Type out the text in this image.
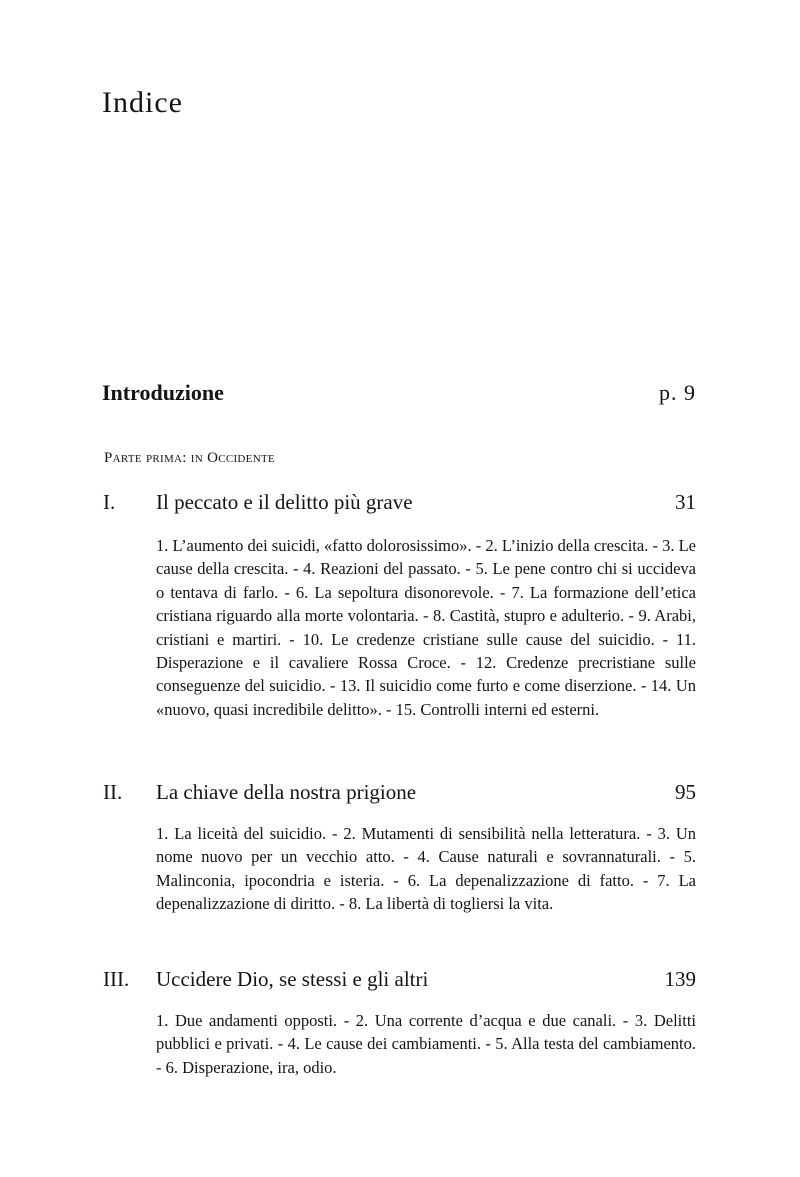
Indice
Introduzione	p. 9
Parte prima: in Occidente
I. Il peccato e il delitto più grave	31

1. L’aumento dei suicidi, «fatto dolorosissimo». - 2. L’inizio della crescita. - 3. Le cause della crescita. - 4. Reazioni del passato. - 5. Le pene contro chi si uccideva o tentava di farlo. - 6. La sepoltura disonorevole. - 7. La formazione dell’etica cristiana riguardo alla morte volontaria. - 8. Castità, stupro e adulterio. - 9. Arabi, cristiani e martiri. - 10. Le credenze cristiane sulle cause del suicidio. - 11. Disperazione e il cavaliere Rossa Croce. - 12. Credenze precristiane sulle conseguenze del suicidio. - 13. Il suicidio come furto e come diserzione. - 14. Un «nuovo, quasi incredibile delitto». - 15. Controlli interni ed esterni.

II. La chiave della nostra prigione	95

1. La liceità del suicidio. - 2. Mutamenti di sensibilità nella letteratura. - 3. Un nome nuovo per un vecchio atto. - 4. Cause naturali e sovrannaturali. - 5. Malinconia, ipocondria e isteria. - 6. La depenalizzazione di fatto. - 7. La depenalizzazione di diritto. - 8. La libertà di togliersi la vita.

III. Uccidere Dio, se stessi e gli altri	139

1. Due andamenti opposti. - 2. Una corrente d’acqua e due canali. - 3. Delitti pubblici e privati. - 4. Le cause dei cambiamenti. - 5. Alla testa del cambiamento. - 6. Disperazione, ira, odio.
